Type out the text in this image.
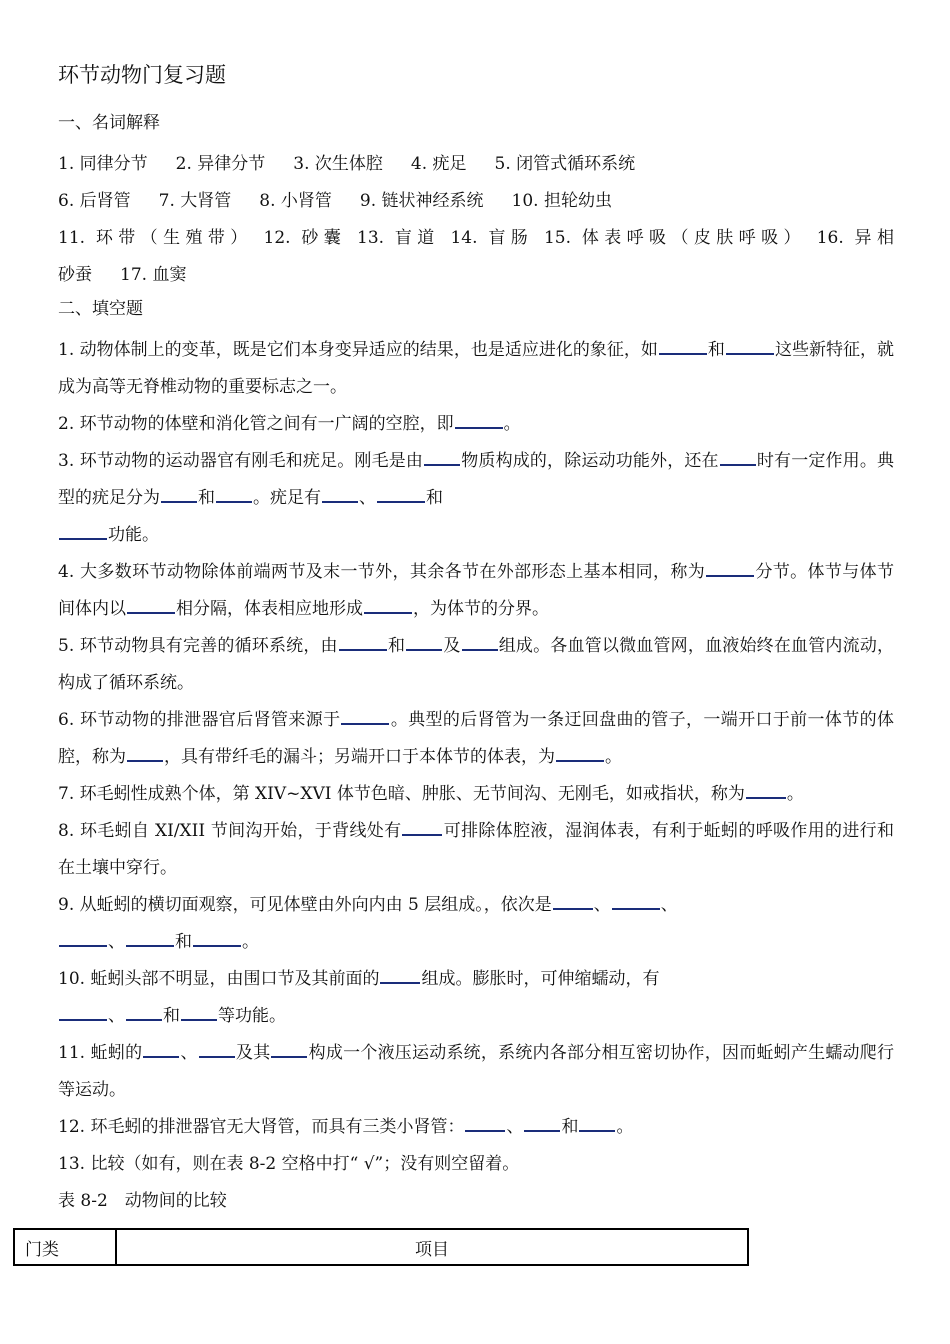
环节动物门复习题
一、名词解释

1. 同律分节 2. 异律分节 3. 次生体腔 4. 疣足 5. 闭管式循环系统

6. 后肾管 7. 大肾管 8. 小肾管 9. 链状神经系统 10. 担轮幼虫

11. 环带（生殖带） 12. 砂囊 13. 盲道 14. 盲肠 15. 体表呼吸（皮肤呼吸） 16. 异相

砂蚕 17. 血窦

二、填空题

1. 动物体制上的变革，既是它们本身变异适应的结果，也是适应进化的象征，如	和	这些新特征，就成为高等无脊椎动物的重要标志之一。

2. 环节动物的体壁和消化管之间有一广阔的空腔，即	。

3. 环节动物的运动器官有刚毛和疣足。刚毛是由 物质构成的，除运动功能外，还在 时有一定作用。典型的疣足分为 和 。疣足有 、	和
功能。

4. 大多数环节动物除体前端两节及末一节外，其余各节在外部形态上基本相同，称为	分节。体节与体节间体内以	相分隔，体表相应地形成	，为体节的分界。

5. 环节动物具有完善的循环系统，由	和 及 组成。各血管以微血管网，血液始终在血管内流动，构成了循环系统。

6. 环节动物的排泄器官后肾管来源于	。典型的后肾管为一条迂回盘曲的管子，一端开口于前一体节的体腔，称为 ，具有带纤毛的漏斗；另端开口于本体节的体表，为	。

7. 环毛蚓性成熟个体，第 XIV~XVI 体节色暗、肿胀、无节间沟、无刚毛，如戒指状，称为 。

8. 环毛蚓自 XI/XII 节间沟开始，于背线处有 可排除体腔液，湿润体表，有利于蚯蚓的呼吸作用的进行和在土壤中穿行。

9. 从蚯蚓的横切面观察，可见体壁由外向内由 5 层组成。，依次是 、	、
、	和	。

10. 蚯蚓头部不明显，由围口节及其前面的 组成。膨胀时，可伸缩蠕动，有
、 和 等功能。

11. 蚯蚓的 、 及其 构成一个液压运动系统，系统内各部分相互密切协作，因而蚯蚓产生蠕动爬行等运动。

12. 环毛蚓的排泄器官无大肾管，而具有三类小肾管： 、 和 。

13. 比较（如有，则在表 8-2 空格中打“ √”；没有则空留着。

表 8-2　动物间的比较
门类	项目
